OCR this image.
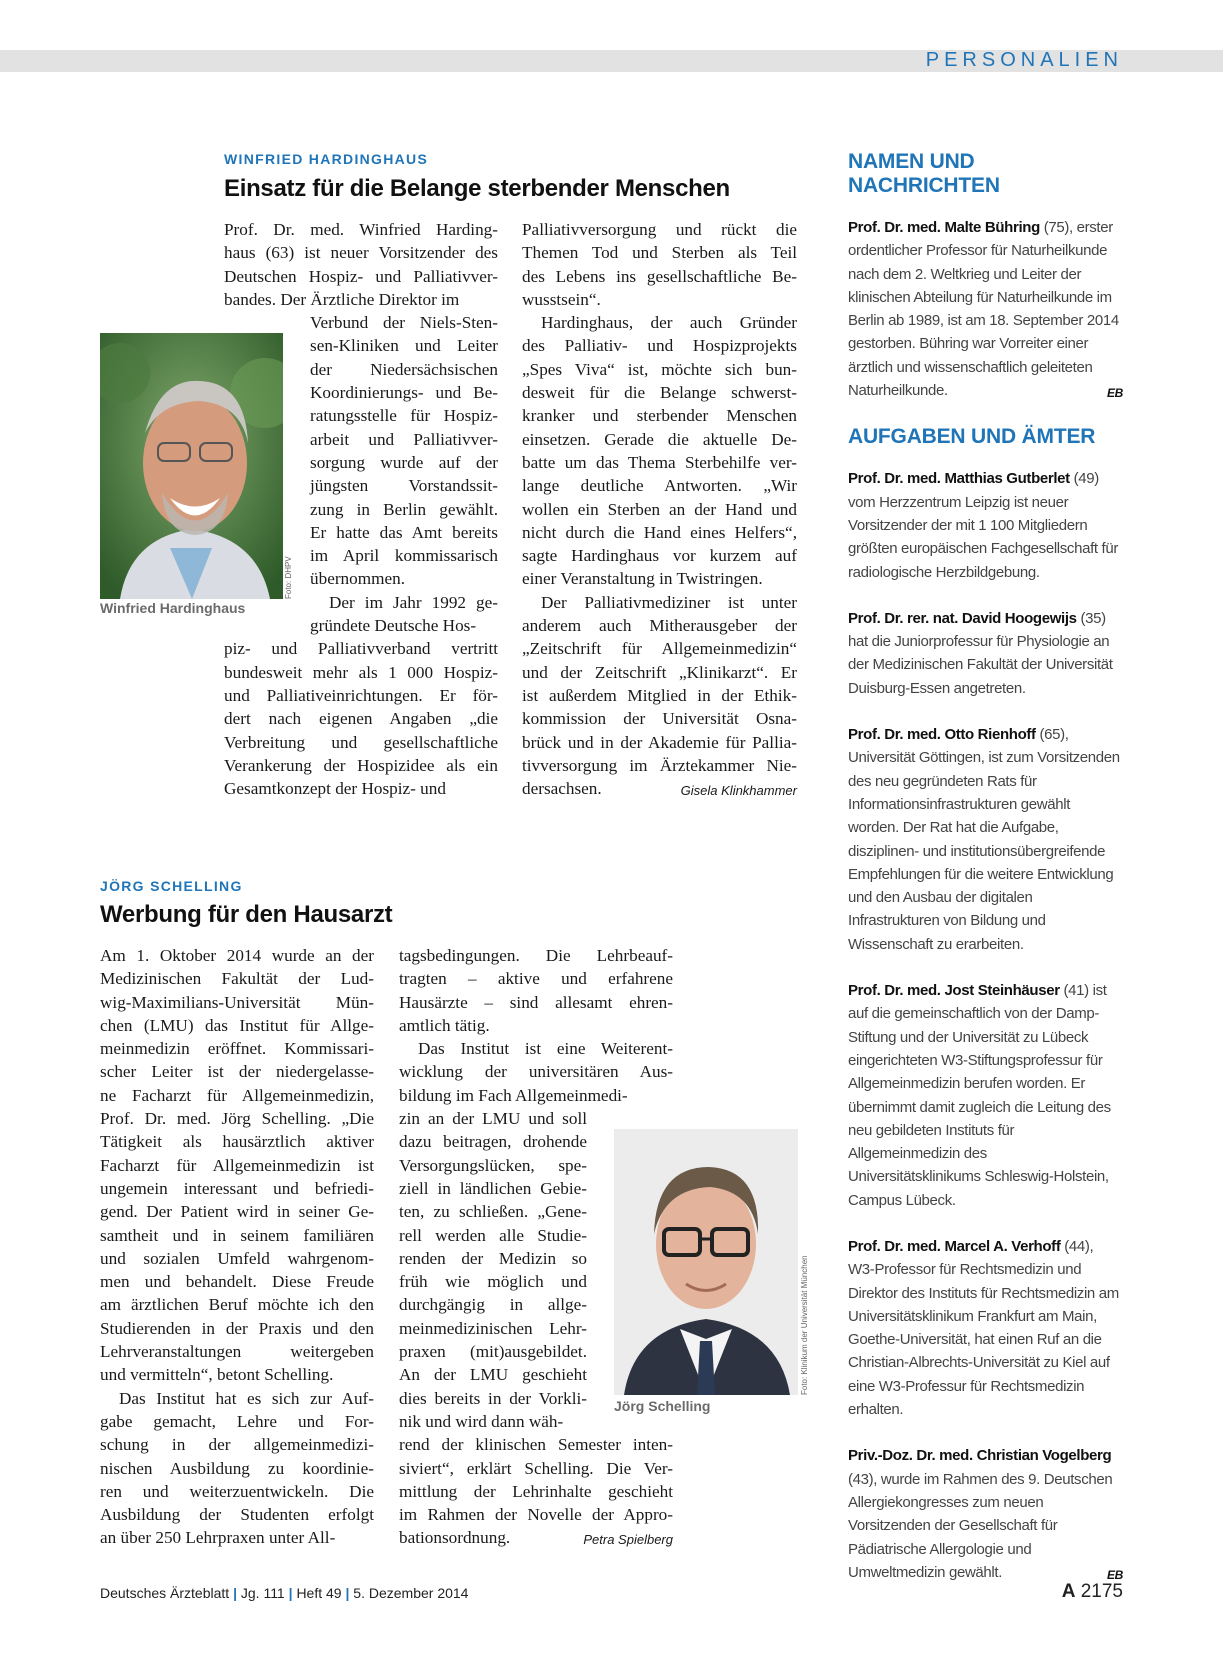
PERSONALIEN
WINFRIED HARDINGHAUS
Einsatz für die Belange sterbender Menschen
Foto: DHPV
Winfried Hardinghaus
Prof. Dr. med. Winfried Harding-
haus (63) ist neuer Vorsitzender des
Deutschen Hospiz- und Palliativver-
bandes. Der Ärztliche Direktor im
Verbund der Niels-Sten-
sen-Kliniken und Leiter
der Niedersächsischen
Koordinierungs- und Be-
ratungsstelle für Hospiz-
arbeit und Palliativver-
sorgung wurde auf der
jüngsten Vorstandssit-
zung in Berlin gewählt.
Er hatte das Amt bereits
im April kommissarisch
übernommen.
Der im Jahr 1992 ge-
gründete Deutsche Hos-
piz- und Palliativverband vertritt
bundesweit mehr als 1 000 Hospiz-
und Palliativeinrichtungen. Er för-
dert nach eigenen Angaben „die
Verbreitung und gesellschaftliche
Verankerung der Hospizidee als ein
Gesamtkonzept der Hospiz- und
Palliativversorgung und rückt die
Themen Tod und Sterben als Teil
des Lebens ins gesellschaftliche Be-
wusstsein“.
Hardinghaus, der auch Gründer
des Palliativ- und Hospizprojekts
„Spes Viva“ ist, möchte sich bun-
desweit für die Belange schwerst-
kranker und sterbender Menschen
einsetzen. Gerade die aktuelle De-
batte um das Thema Sterbehilfe ver-
lange deutliche Antworten. „Wir
wollen ein Sterben an der Hand und
nicht durch die Hand eines Helfers“,
sagte Hardinghaus vor kurzem auf
einer Veranstaltung in Twistringen.
Der Palliativmediziner ist unter
anderem auch Mitherausgeber der
„Zeitschrift für Allgemeinmedizin“
und der Zeitschrift „Klinikarzt“. Er
ist außerdem Mitglied in der Ethik-
kommission der Universität Osna-
brück und in der Akademie für Pallia-
tivversorgung im Ärztekammer Nie-
dersachsen.	Gisela Klinkhammer
JÖRG SCHELLING
Werbung für den Hausarzt
Am 1. Oktober 2014 wurde an der
Medizinischen Fakultät der Lud-
wig-Maximilians-Universität Mün-
chen (LMU) das Institut für Allge-
meinmedizin eröffnet. Kommissari-
scher Leiter ist der niedergelasse-
ne Facharzt für Allgemeinmedizin,
Prof. Dr. med. Jörg Schelling. „Die
Tätigkeit als hausärztlich aktiver
Facharzt für Allgemeinmedizin ist
ungemein interessant und befriedi-
gend. Der Patient wird in seiner Ge-
samtheit und in seinem familiären
und sozialen Umfeld wahrgenom-
men und behandelt. Diese Freude
am ärztlichen Beruf möchte ich den
Studierenden in der Praxis und den
Lehrveranstaltungen weitergeben
und vermitteln“, betont Schelling.
Das Institut hat es sich zur Auf-
gabe gemacht, Lehre und For-
schung in der allgemeinmedizi-
nischen Ausbildung zu koordinie-
ren und weiterzuentwickeln. Die
Ausbildung der Studenten erfolgt
an über 250 Lehrpraxen unter All-
tagsbedingungen. Die Lehrbeauf-
tragten – aktive und erfahrene
Hausärzte – sind allesamt ehren-
amtlich tätig.
Das Institut ist eine Weiterent-
wicklung der universitären Aus-
bildung im Fach Allgemeinmedi-
zin an der LMU und soll
dazu beitragen, drohende
Versorgungslücken, spe-
ziell in ländlichen Gebie-
ten, zu schließen. „Gene-
rell werden alle Studie-
renden der Medizin so
früh wie möglich und
durchgängig in allge-
meinmedizinischen Lehr-
praxen (mit)ausgebildet.
An der LMU geschieht
dies bereits in der Vorkli-
nik und wird dann wäh-
rend der klinischen Semester inten-
siviert“, erklärt Schelling. Die Ver-
mittlung der Lehrinhalte geschieht
im Rahmen der Novelle der Appro-
bationsordnung.	Petra Spielberg
Foto: Klinikum der Universität München
Jörg Schelling
NAMEN UND NACHRICHTEN

Prof. Dr. med. Malte Bühring (75), erster ordentlicher Professor für Naturheilkunde nach dem 2. Weltkrieg und Leiter der klinischen Abteilung für Naturheilkunde im Berlin ab 1989, ist am 18. September 2014 gestorben. Bühring war Vorreiter einer ärztlich und wissenschaftlich geleiteten Naturheilkunde.	EB

AUFGABEN UND ÄMTER

Prof. Dr. med. Matthias Gutberlet (49) vom Herzzentrum Leipzig ist neuer Vorsitzender der mit 1 100 Mitgliedern größten europäischen Fachgesellschaft für radiologische Herzbildgebung.

Prof. Dr. rer. nat. David Hoogewijs (35) hat die Juniorprofessur für Physiologie an der Medizinischen Fakultät der Universität Duisburg-Essen angetreten.

Prof. Dr. med. Otto Rienhoff (65), Universität Göttingen, ist zum Vorsitzenden des neu gegründeten Rats für Informationsinfrastrukturen gewählt worden. Der Rat hat die Aufgabe, disziplinen- und institutionsübergreifende Empfehlungen für die weitere Entwicklung und den Ausbau der digitalen Infrastrukturen von Bildung und Wissenschaft zu erarbeiten.

Prof. Dr. med. Jost Steinhäuser (41) ist auf die gemeinschaftlich von der Damp-Stiftung und der Universität zu Lübeck eingerichteten W3-Stiftungsprofessur für Allgemeinmedizin berufen worden. Er übernimmt damit zugleich die Leitung des neu gebildeten Instituts für Allgemeinmedizin des Universitätsklinikums Schleswig-Holstein, Campus Lübeck.

Prof. Dr. med. Marcel A. Verhoff (44), W3-Professor für Rechtsmedizin und Direktor des Instituts für Rechtsmedizin am Universitätsklinikum Frankfurt am Main, Goethe-Universität, hat einen Ruf an die Christian-Albrechts-Universität zu Kiel auf eine W3-Professur für Rechtsmedizin erhalten.

Priv.-Doz. Dr. med. Christian Vogelberg (43), wurde im Rahmen des 9. Deutschen Allergiekongresses zum neuen Vorsitzenden der Gesellschaft für Pädiatrische Allergologie und Umweltmedizin gewählt.	EB

Deutsches Ärzteblatt | Jg. 111 | Heft 49 | 5. Dezember 2014	A 2175
